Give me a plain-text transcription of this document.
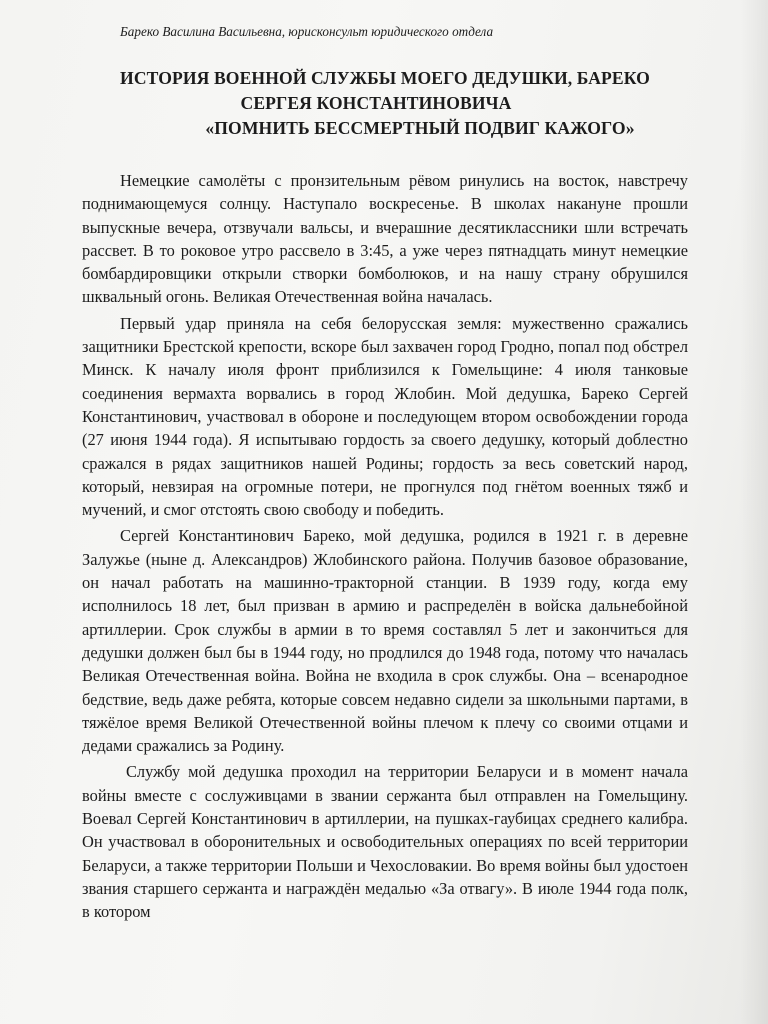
Бареко Василина Васильевна, юрисконсульт юридического отдела
ИСТОРИЯ ВОЕННОЙ СЛУЖБЫ МОЕГО ДЕДУШКИ, БАРЕКО
СЕРГЕЯ КОНСТАНТИНОВИЧА
«ПОМНИТЬ БЕССМЕРТНЫЙ ПОДВИГ КАЖОГО»

Немецкие самолёты с пронзительным рёвом ринулись на восток, навстречу поднимающемуся солнцу. Наступало воскресенье. В школах накануне прошли выпускные вечера, отзвучали вальсы, и вчерашние десятиклассники шли встречать рассвет. В то роковое утро рассвело в 3:45, а уже через пятнадцать минут немецкие бомбардировщики открыли створки бомболюков, и на нашу страну обрушился шквальный огонь. Великая Отечественная война началась.

Первый удар приняла на себя белорусская земля: мужественно сражались защитники Брестской крепости, вскоре был захвачен город Гродно, попал под обстрел Минск. К началу июля фронт приблизился к Гомельщине: 4 июля танковые соединения вермахта ворвались в город Жлобин. Мой дедушка, Бареко Сергей Константинович, участвовал в обороне и последующем втором освобождении города (27 июня 1944 года). Я испытываю гордость за своего дедушку, который доблестно сражался в рядах защитников нашей Родины; гордость за весь советский народ, который, невзирая на огромные потери, не прогнулся под гнётом военных тяжб и мучений, и смог отстоять свою свободу и победить.

Сергей Константинович Бареко, мой дедушка, родился в 1921 г. в деревне Залужье (ныне д. Александров) Жлобинского района. Получив базовое образование, он начал работать на машинно-тракторной станции. В 1939 году, когда ему исполнилось 18 лет, был призван в армию и распределён в войска дальнебойной артиллерии. Срок службы в армии в то время составлял 5 лет и закончиться для дедушки должен был бы в 1944 году, но продлился до 1948 года, потому что началась Великая Отечественная война. Война не входила в срок службы. Она – всенародное бедствие, ведь даже ребята, которые совсем недавно сидели за школьными партами, в тяжёлое время Великой Отечественной войны плечом к плечу со своими отцами и дедами сражались за Родину.

Службу мой дедушка проходил на территории Беларуси и в момент начала войны вместе с сослуживцами в звании сержанта был отправлен на Гомельщину. Воевал Сергей Константинович в артиллерии, на пушках-гаубицах среднего калибра. Он участвовал в оборонительных и освободительных операциях по всей территории Беларуси, а также территории Польши и Чехословакии. Во время войны был удостоен звания старшего сержанта и награждён медалью «За отвагу». В июле 1944 года полк, в котором
